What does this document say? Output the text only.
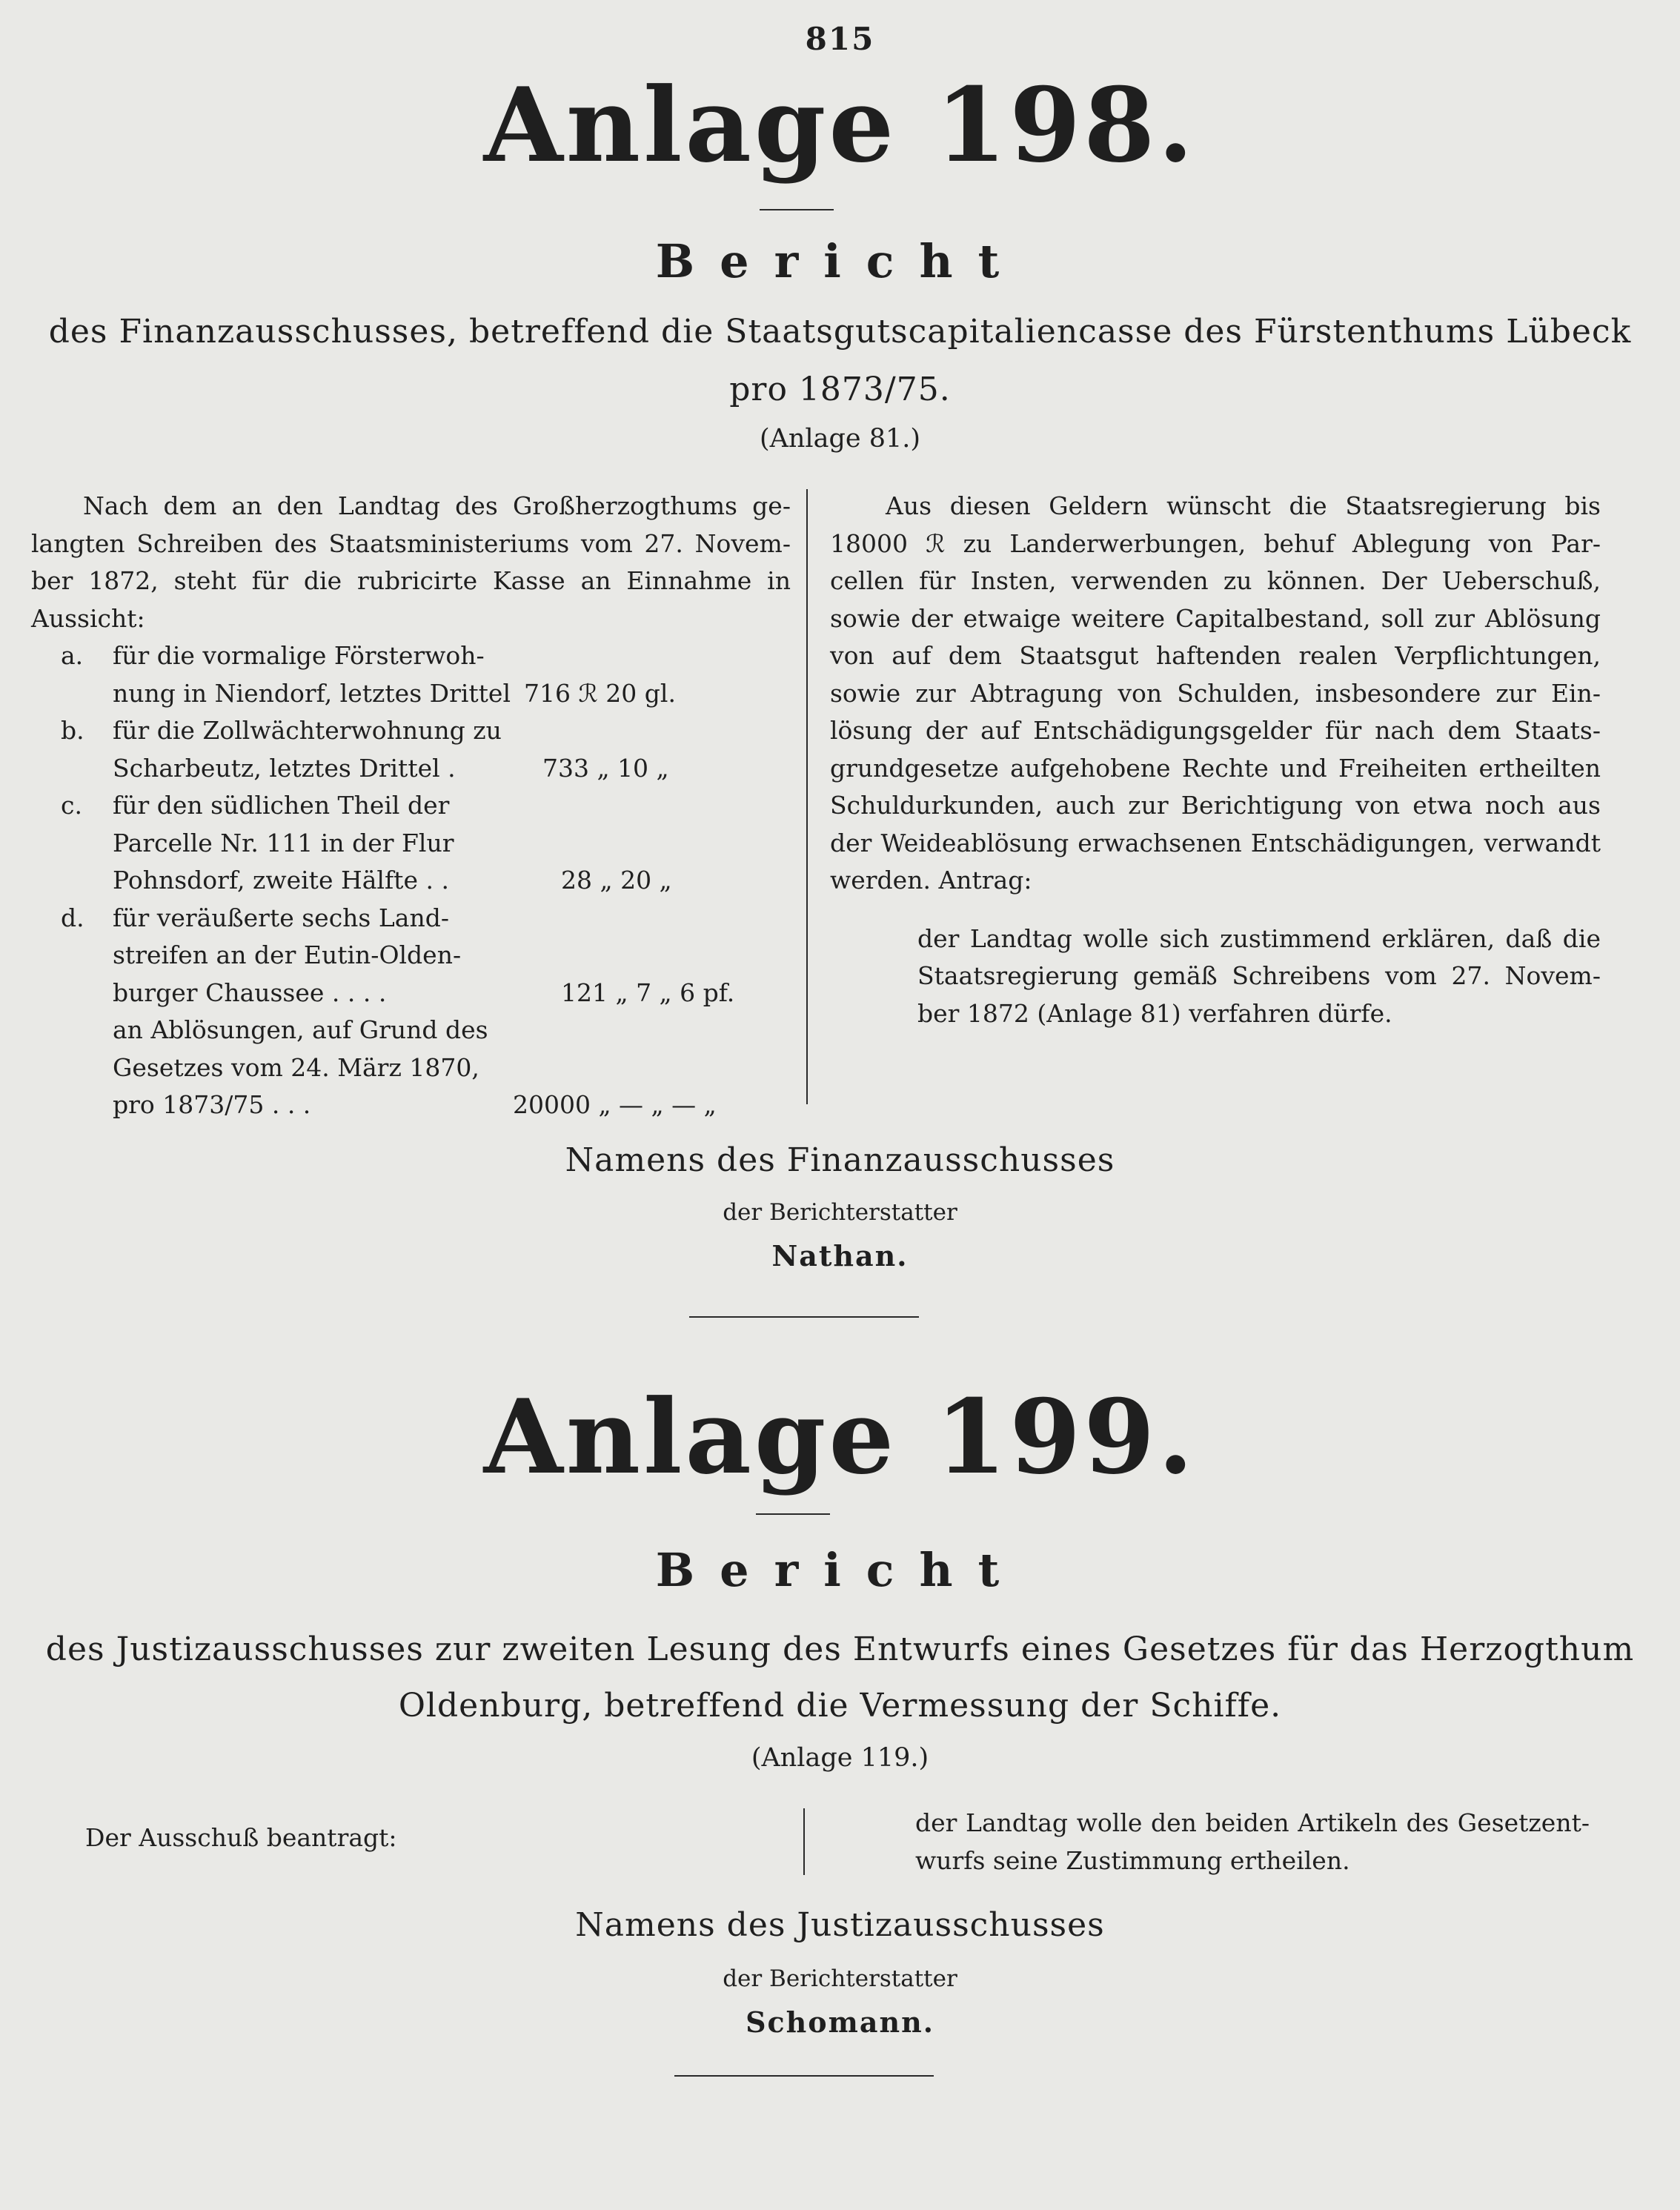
815
Anlage 198.
Bericht
des Finanzausschusses, betreffend die Staatsgutscapitaliencasse des Fürstenthums Lübeck
pro 1873/75.
(Anlage 81.)
Nach dem an den Landtag des Großherzogthums ge-
langten Schreiben des Staatsministeriums vom 27. Novem-
ber 1872, steht für die rubricirte Kasse an Einnahme in
Aussicht:
a. für die vormalige Försterwoh-
nung in Niendorf, letztes Drittel 716 ℛ 20 gl.
b. für die Zollwächterwohnung zu
Scharbeutz, letztes Drittel .	733 „ 10 „
c. für den südlichen Theil der
Parcelle Nr. 111 in der Flur
Pohnsdorf, zweite Hälfte . .	28 „ 20 „
d. für veräußerte sechs Land-
streifen an der Eutin-Olden-
burger Chaussee . . . .	121 „ 7 „ 6 pf.
an Ablösungen, auf Grund des
Gesetzes vom 24. März 1870,
pro 1873/75 . . .	20000 „ — „ — „
Aus diesen Geldern wünscht die Staatsregierung bis
18000 ℛ zu Landerwerbungen, behuf Ablegung von Par-
cellen für Insten, verwenden zu können. Der Ueberschuß,
sowie der etwaige weitere Capitalbestand, soll zur Ablösung
von auf dem Staatsgut haftenden realen Verpflichtungen,
sowie zur Abtragung von Schulden, insbesondere zur Ein-
lösung der auf Entschädigungsgelder für nach dem Staats-
grundgesetze aufgehobene Rechte und Freiheiten ertheilten
Schuldurkunden, auch zur Berichtigung von etwa noch aus
der Weideablösung erwachsenen Entschädigungen, verwandt
werden. Antrag:
der Landtag wolle sich zustimmend erklären, daß die
Staatsregierung gemäß Schreibens vom 27. Novem-
ber 1872 (Anlage 81) verfahren dürfe.
Namens des Finanzausschusses
der Berichterstatter
Nathan.
Anlage 199.
Bericht
des Justizausschusses zur zweiten Lesung des Entwurfs eines Gesetzes für das Herzogthum
Oldenburg, betreffend die Vermessung der Schiffe.
(Anlage 119.)
Der Ausschuß beantragt:
der Landtag wolle den beiden Artikeln des Gesetzent-
wurfs seine Zustimmung ertheilen.
Namens des Justizausschusses
der Berichterstatter
Schomann.
